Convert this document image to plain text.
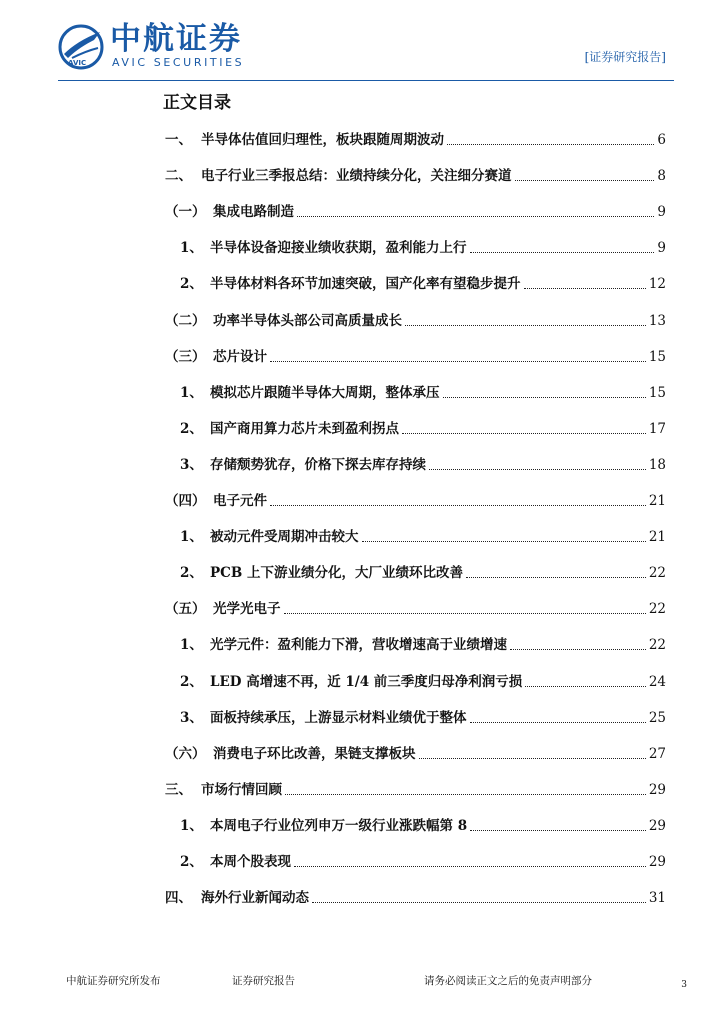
AVIC
中航证券
AVIC SECURITIES	[证券研究报告]
正文目录
一、 半导体估值回归理性，板块跟随周期波动	6
二、 电子行业三季报总结：业绩持续分化，关注细分赛道	8
（一） 集成电路制造	9
1、 半导体设备迎接业绩收获期，盈利能力上行	9
2、 半导体材料各环节加速突破，国产化率有望稳步提升	12
（二） 功率半导体头部公司高质量成长	13
（三） 芯片设计	15
1、 模拟芯片跟随半导体大周期，整体承压	15
2、 国产商用算力芯片未到盈利拐点	17
3、 存储颓势犹存，价格下探去库存持续	18
（四） 电子元件	21
1、 被动元件受周期冲击较大	21
2、 PCB 上下游业绩分化，大厂业绩环比改善	22
（五） 光学光电子	22
1、 光学元件：盈利能力下滑，营收增速高于业绩增速	22
2、 LED 高增速不再，近 1/4 前三季度归母净利润亏损	24
3、 面板持续承压，上游显示材料业绩优于整体	25
（六） 消费电子环比改善，果链支撑板块	27
三、 市场行情回顾	29
1、 本周电子行业位列申万一级行业涨跌幅第 8	29
2、 本周个股表现	29
四、 海外行业新闻动态	31
中航证券研究所发布	证券研究报告	请务必阅读正文之后的免责声明部分	3
